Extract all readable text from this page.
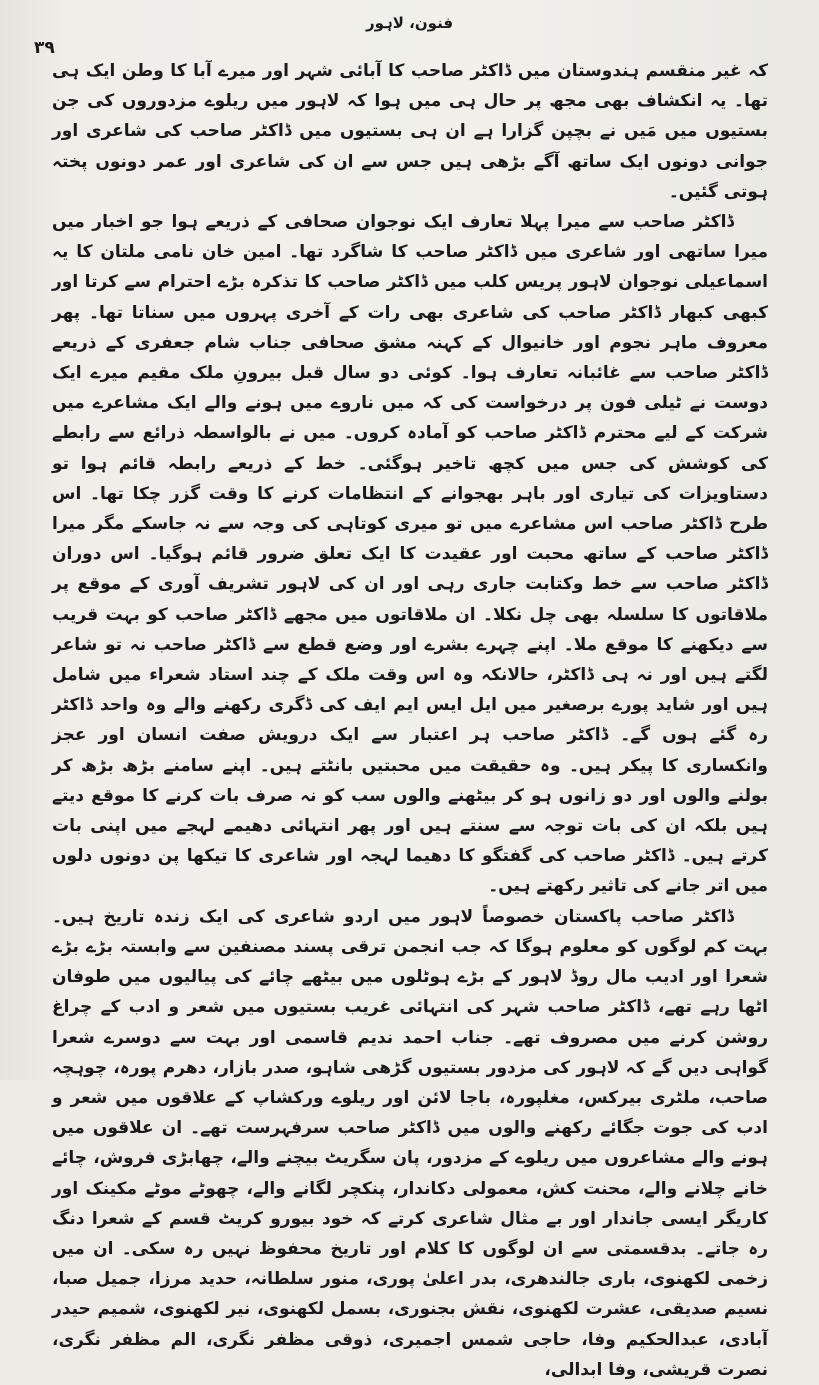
فنون، لاہور
۳۹

کہ غیر منقسم ہندوستان میں ڈاکٹر صاحب کا آبائی شہر اور میرے آبا کا وطن ایک ہی تھا۔ یہ انکشاف بھی مجھ پر حال ہی میں ہوا کہ لاہور میں ریلوے مزدوروں کی جن بستیوں میں مَیں نے بچپن گزارا ہے ان ہی بستیوں میں ڈاکٹر صاحب کی شاعری اور جوانی دونوں ایک ساتھ آگے بڑھی ہیں جس سے ان کی شاعری اور عمر دونوں پختہ ہوتی گئیں۔

ڈاکٹر صاحب سے میرا پہلا تعارف ایک نوجوان صحافی کے ذریعے ہوا جو اخبار میں میرا ساتھی اور شاعری میں ڈاکٹر صاحب کا شاگرد تھا۔ امین خان نامی ملتان کا یہ اسماعیلی نوجوان لاہور پریس کلب میں ڈاکٹر صاحب کا تذکرہ بڑے احترام سے کرتا اور کبھی کبھار ڈاکٹر صاحب کی شاعری بھی رات کے آخری پہروں میں سناتا تھا۔ پھر معروف ماہر نجوم اور خانیوال کے کہنہ مشق صحافی جناب شام جعفری کے ذریعے ڈاکٹر صاحب سے غائبانہ تعارف ہوا۔ کوئی دو سال قبل بیرونِ ملک مقیم میرے ایک دوست نے ٹیلی فون پر درخواست کی کہ میں ناروے میں ہونے والے ایک مشاعرے میں شرکت کے لیے محترم ڈاکٹر صاحب کو آمادہ کروں۔ میں نے بالواسطہ ذرائع سے رابطے کی کوشش کی جس میں کچھ تاخیر ہوگئی۔ خط کے ذریعے رابطہ قائم ہوا تو دستاویزات کی تیاری اور باہر بھجوانے کے انتظامات کرنے کا وقت گزر چکا تھا۔ اس طرح ڈاکٹر صاحب اس مشاعرے میں تو میری کوتاہی کی وجہ سے نہ جاسکے مگر میرا ڈاکٹر صاحب کے ساتھ محبت اور عقیدت کا ایک تعلق ضرور قائم ہوگیا۔ اس دوران ڈاکٹر صاحب سے خط وکتابت جاری رہی اور ان کی لاہور تشریف آوری کے موقع پر ملاقاتوں کا سلسلہ بھی چل نکلا۔ ان ملاقاتوں میں مجھے ڈاکٹر صاحب کو بہت قریب سے دیکھنے کا موقع ملا۔ اپنے چہرے بشرے اور وضع قطع سے ڈاکٹر صاحب نہ تو شاعر لگتے ہیں اور نہ ہی ڈاکٹر، حالانکہ وہ اس وقت ملک کے چند استاد شعراء میں شامل ہیں اور شاید پورے برصغیر میں ایل ایس ایم ایف کی ڈگری رکھنے والے وہ واحد ڈاکٹر رہ گئے ہوں گے۔ ڈاکٹر صاحب ہر اعتبار سے ایک درویش صفت انسان اور عجز وانکساری کا پیکر ہیں۔ وہ حقیقت میں محبتیں بانٹتے ہیں۔ اپنے سامنے بڑھ بڑھ کر بولنے والوں اور دو زانوں ہو کر بیٹھنے والوں سب کو نہ صرف بات کرنے کا موقع دیتے ہیں بلکہ ان کی بات توجہ سے سنتے ہیں اور پھر انتہائی دھیمے لہجے میں اپنی بات کرتے ہیں۔ ڈاکٹر صاحب کی گفتگو کا دھیما لہجہ اور شاعری کا تیکھا پن دونوں دلوں میں اتر جانے کی تاثیر رکھتے ہیں۔

ڈاکٹر صاحب پاکستان خصوصاً لاہور میں اردو شاعری کی ایک زندہ تاریخ ہیں۔ بہت کم لوگوں کو معلوم ہوگا کہ جب انجمن ترقی پسند مصنفین سے وابستہ بڑے بڑے شعرا اور ادیب مال روڈ لاہور کے بڑے ہوٹلوں میں بیٹھے چائے کی پیالیوں میں طوفان اٹھا رہے تھے، ڈاکٹر صاحب شہر کی انتہائی غریب بستیوں میں شعر و ادب کے چراغ روشن کرنے میں مصروف تھے۔ جناب احمد ندیم قاسمی اور بہت سے دوسرے شعرا گواہی دیں گے کہ لاہور کی مزدور بستیوں گڑھی شاہو، صدر بازار، دھرم پورہ، چوہچہ صاحب، ملٹری بیرکس، مغلپورہ، باجا لائن اور ریلوے ورکشاپ کے علاقوں میں شعر و ادب کی جوت جگائے رکھنے والوں میں ڈاکٹر صاحب سرفہرست تھے۔ ان علاقوں میں ہونے والے مشاعروں میں ریلوے کے مزدور، پان سگریٹ بیچنے والے، چھابڑی فروش، چائے خانے چلانے والے، محنت کش، معمولی دکاندار، پنکچر لگانے والے، چھوٹے موٹے مکینک اور کاریگر ایسی جاندار اور بے مثال شاعری کرتے کہ خود بیورو کریٹ قسم کے شعرا دنگ رہ جاتے۔ بدقسمتی سے ان لوگوں کا کلام اور تاریخ محفوظ نہیں رہ سکی۔ ان میں زخمی لکھنوی، باری جالندھری، بدر اعلیٰ پوری، منور سلطانہ، حدید مرزا، جمیل صبا، نسیم صدیقی، عشرت لکھنوی، نقش بجنوری، بسمل لکھنوی، نیر لکھنوی، شمیم حیدر آبادی، عبدالحکیم وفا، حاجی شمس اجمیری، ذوقی مظفر نگری، الم مظفر نگری، نصرت قریشی، وفا ابدالی،
